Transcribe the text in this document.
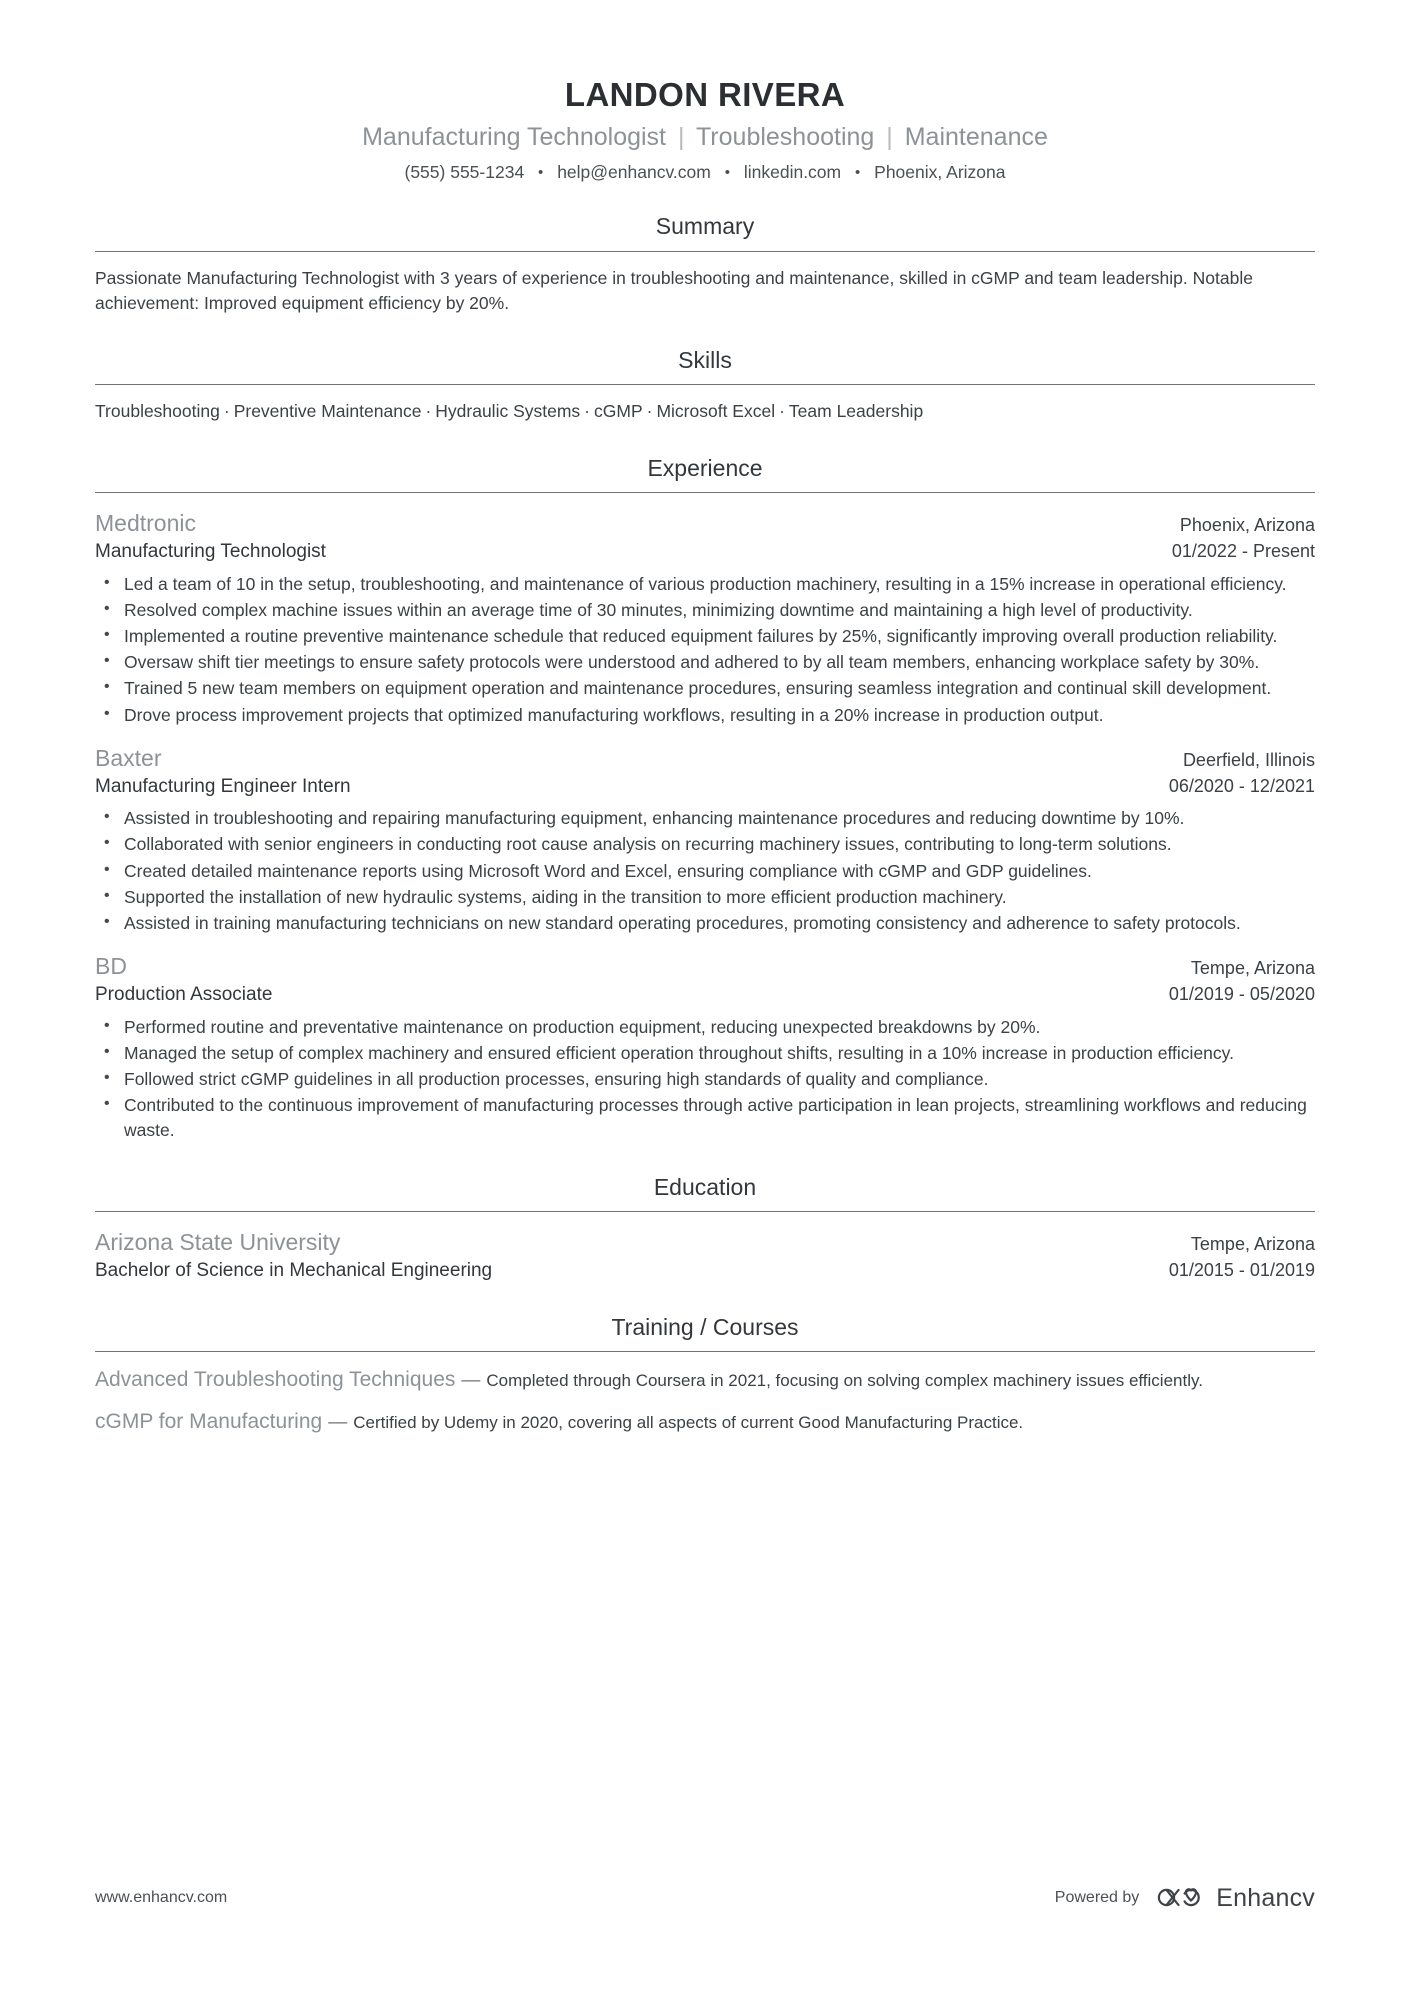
LANDON RIVERA
Manufacturing Technologist | Troubleshooting | Maintenance
(555) 555-1234 • help@enhancv.com • linkedin.com • Phoenix, Arizona
Summary
Passionate Manufacturing Technologist with 3 years of experience in troubleshooting and maintenance, skilled in cGMP and team leadership. Notable achievement: Improved equipment efficiency by 20%.
Skills
Troubleshooting · Preventive Maintenance · Hydraulic Systems · cGMP · Microsoft Excel · Team Leadership
Experience
Medtronic	Phoenix, Arizona
Manufacturing Technologist	01/2022 - Present
• Led a team of 10 in the setup, troubleshooting, and maintenance of various production machinery, resulting in a 15% increase in operational efficiency.
• Resolved complex machine issues within an average time of 30 minutes, minimizing downtime and maintaining a high level of productivity.
• Implemented a routine preventive maintenance schedule that reduced equipment failures by 25%, significantly improving overall production reliability.
• Oversaw shift tier meetings to ensure safety protocols were understood and adhered to by all team members, enhancing workplace safety by 30%.
• Trained 5 new team members on equipment operation and maintenance procedures, ensuring seamless integration and continual skill development.
• Drove process improvement projects that optimized manufacturing workflows, resulting in a 20% increase in production output.
Baxter	Deerfield, Illinois
Manufacturing Engineer Intern	06/2020 - 12/2021
• Assisted in troubleshooting and repairing manufacturing equipment, enhancing maintenance procedures and reducing downtime by 10%.
• Collaborated with senior engineers in conducting root cause analysis on recurring machinery issues, contributing to long-term solutions.
• Created detailed maintenance reports using Microsoft Word and Excel, ensuring compliance with cGMP and GDP guidelines.
• Supported the installation of new hydraulic systems, aiding in the transition to more efficient production machinery.
• Assisted in training manufacturing technicians on new standard operating procedures, promoting consistency and adherence to safety protocols.
BD	Tempe, Arizona
Production Associate	01/2019 - 05/2020
• Performed routine and preventative maintenance on production equipment, reducing unexpected breakdowns by 20%.
• Managed the setup of complex machinery and ensured efficient operation throughout shifts, resulting in a 10% increase in production efficiency.
• Followed strict cGMP guidelines in all production processes, ensuring high standards of quality and compliance.
• Contributed to the continuous improvement of manufacturing processes through active participation in lean projects, streamlining workflows and reducing waste.
Education
Arizona State University	Tempe, Arizona
Bachelor of Science in Mechanical Engineering	01/2015 - 01/2019
Training / Courses
Advanced Troubleshooting Techniques — Completed through Coursera in 2021, focusing on solving complex machinery issues efficiently.
cGMP for Manufacturing — Certified by Udemy in 2020, covering all aspects of current Good Manufacturing Practice.
www.enhancv.com	Powered by	Enhancv
